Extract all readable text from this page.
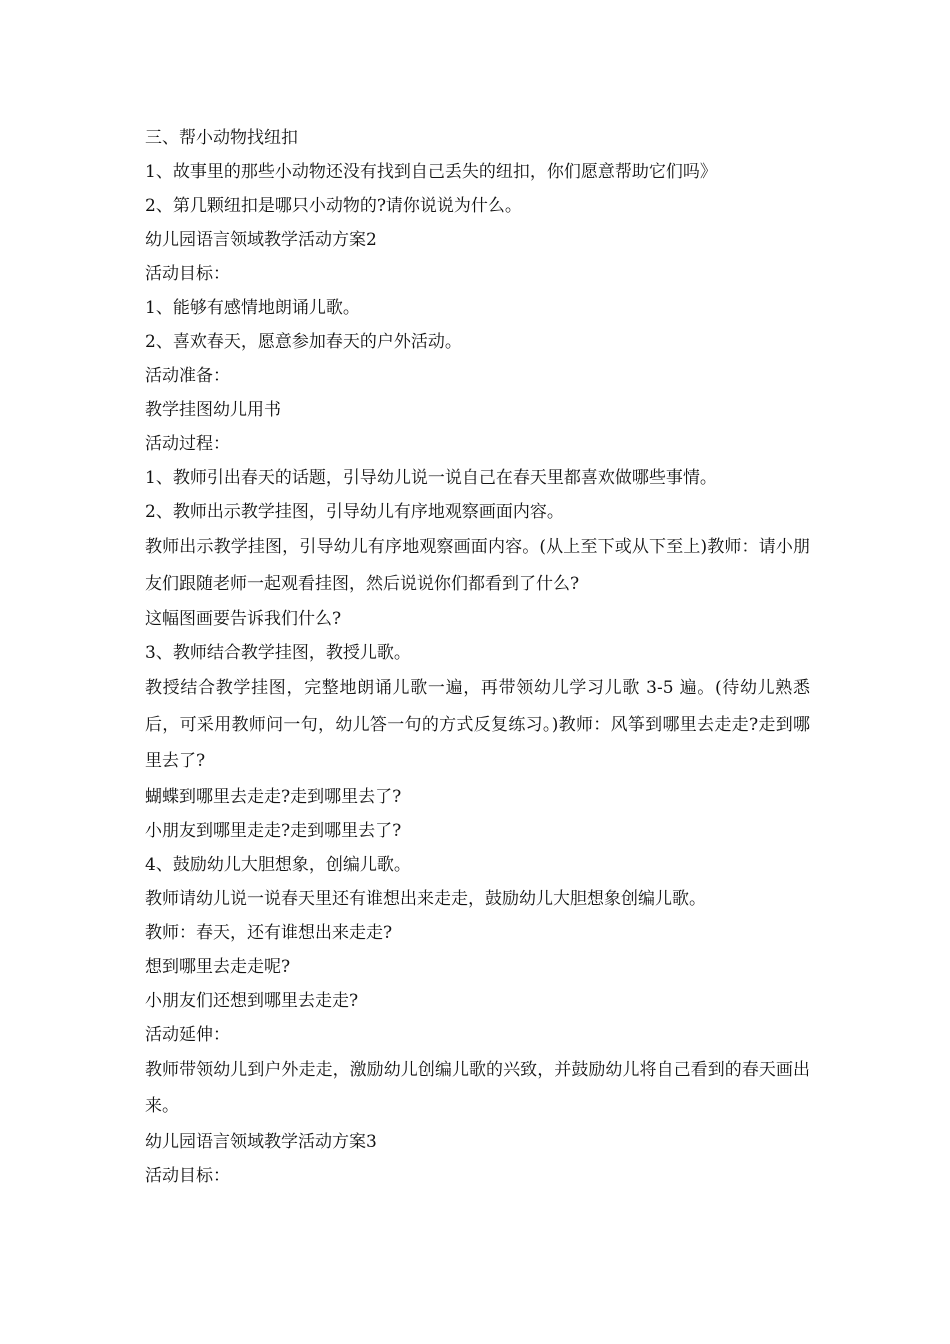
三、帮小动物找纽扣

1、故事里的那些小动物还没有找到自己丢失的纽扣，你们愿意帮助它们吗》

2、第几颗纽扣是哪只小动物的?请你说说为什么。

幼儿园语言领域教学活动方案2

活动目标：

1、能够有感情地朗诵儿歌。

2、喜欢春天，愿意参加春天的户外活动。

活动准备：

教学挂图幼儿用书

活动过程：

1、教师引出春天的话题，引导幼儿说一说自己在春天里都喜欢做哪些事情。

2、教师出示教学挂图，引导幼儿有序地观察画面内容。

教师出示教学挂图，引导幼儿有序地观察画面内容。(从上至下或从下至上)教师：请小朋友们跟随老师一起观看挂图，然后说说你们都看到了什么?

这幅图画要告诉我们什么?

3、教师结合教学挂图，教授儿歌。

教授结合教学挂图，完整地朗诵儿歌一遍，再带领幼儿学习儿歌 3-5 遍。(待幼儿熟悉后，可采用教师问一句，幼儿答一句的方式反复练习。)教师：风筝到哪里去走走?走到哪里去了?

蝴蝶到哪里去走走?走到哪里去了?

小朋友到哪里走走?走到哪里去了?

4、鼓励幼儿大胆想象，创编儿歌。

教师请幼儿说一说春天里还有谁想出来走走，鼓励幼儿大胆想象创编儿歌。

教师：春天，还有谁想出来走走?

想到哪里去走走呢?

小朋友们还想到哪里去走走?

活动延伸：

教师带领幼儿到户外走走，激励幼儿创编儿歌的兴致，并鼓励幼儿将自己看到的春天画出来。

幼儿园语言领域教学活动方案3

活动目标：
